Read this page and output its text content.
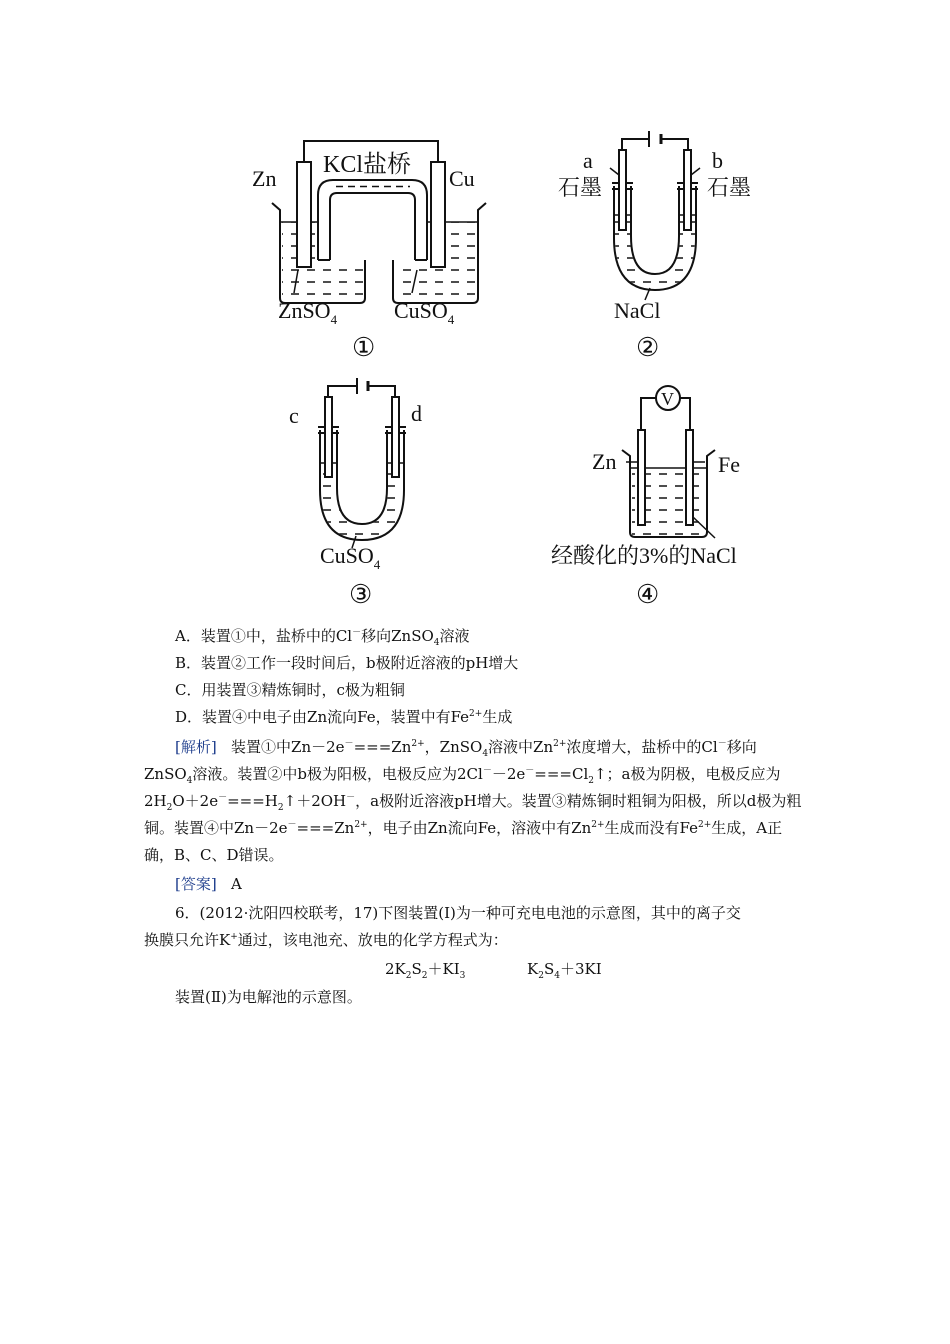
KCl盐桥
Zn	Cu
ZnSO$_4$	CuSO$_4$
①
a	b
石墨	石墨
NaCl
②
c	d
CuSO$_4$
③
V
Zn	Fe
经酸化的3%的NaCl
④
A．装置①中，盐桥中的Cl－移向ZnSO$_4$溶液
B．装置②工作一段时间后，b极附近溶液的pH增大
C．用装置③精炼铜时，c极为粗铜
D．装置④中电子由Zn流向Fe，装置中有$Fe^{2+}$生成
[解析] 装置①中$Zn-2e^-===Zn^{2+}$，ZnSO$_4$溶液中$Zn^{2+}$浓度增大，盐桥中的Cl－移向
ZnSO$_4$溶液。装置②中b极为阳极，电极反应为$2Cl^--2e^-===Cl_2↑$；a极为阴极，电极反应为
$2H_2O+2e^-===H_2↑+2OH^-$，a极附近溶液pH增大。装置③精炼铜时粗铜为阳极，所以d极为粗
铜。装置④中$Zn-2e^-===Zn^{2+}$，电子由Zn流向Fe，溶液中有$Zn^{2+}$生成而没有$Fe^{2+}$生成，A正
确，B、C、D错误。
[答案] A
6．(2012·沈阳四校联考，17)下图装置(Ⅰ)为一种可充电电池的示意图，其中的离子交
换膜只允许K+通过，该电池充、放电的化学方程式为：
$2K_2S_2+KI_3$	$K_2S_4+3KI$
装置(Ⅱ)为电解池的示意图。
